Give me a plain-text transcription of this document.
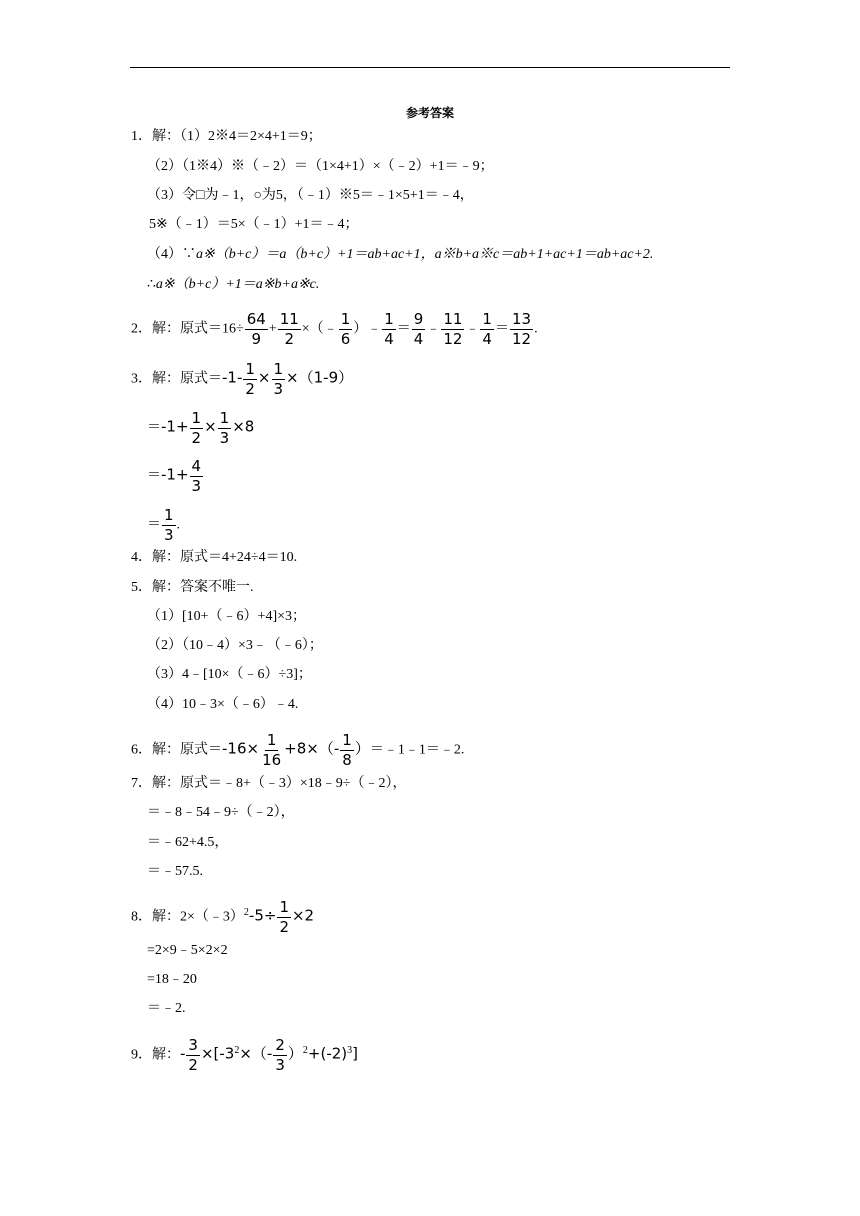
参考答案
1．解：（1）2※4＝2×4+1＝9；
（2）（1※4）※（﹣2）＝（1×4+1）×（﹣2）+1＝﹣9；
（3）令□为﹣1，○为5，（﹣1）※5＝﹣1×5+1＝﹣4，
5※（﹣1）＝5×（﹣1）+1＝﹣4；
（4）∵a※（b+c）＝a（b+c）+1＝ab+ac+1，a※b+a※c＝ab+1+ac+1＝ab+ac+2.
∴a※（b+c）+1＝a※b+a※c.
2．解：原式$=16\div \frac{64}{9} + \frac{11}{2}$ ×（﹣ $\frac{1}{6}$ ）﹣ $\frac{1}{4} = \frac{9}{4}$ ﹣ $\frac{11}{12}$ ﹣ $\frac{1}{4} = \frac{13}{12}$ .
3．解：原式$=-1- \frac{1}{2} \times \frac{1}{3} \times(1-9)$
$=-1+ \frac{1}{2} \times \frac{1}{3} \times 8$
$=-1+ \frac{4}{3}$
＝ $\frac{1}{3}$ .
4．解：原式＝4+24÷4＝10.
5．解：答案不唯一.
（1）[10+（﹣6）+4]×3；
（2）（10﹣4）×3﹣（﹣6）；
（3）4﹣[10×（﹣6）÷3]；
（4）10﹣3×（﹣6）﹣4.
6．解：原式$=-16\times \frac{1}{16} +8\times(- \frac{1}{8}$ ）＝﹣1﹣1＝﹣2.
7．解：原式＝﹣8+（﹣3）×18﹣9÷（﹣2），
＝﹣8﹣54﹣9÷（﹣2），
＝﹣62+4.5，
＝﹣57.5.
8．解：2×（﹣3）$^2$-5÷ $\frac{1}{2} \times 2$
=2×9﹣5×2×2
=18﹣20
＝﹣2.
9．解：- $\frac{3}{2} \times[-3^2\times(- \frac{2}{3} )^2+(-2)^3]$
